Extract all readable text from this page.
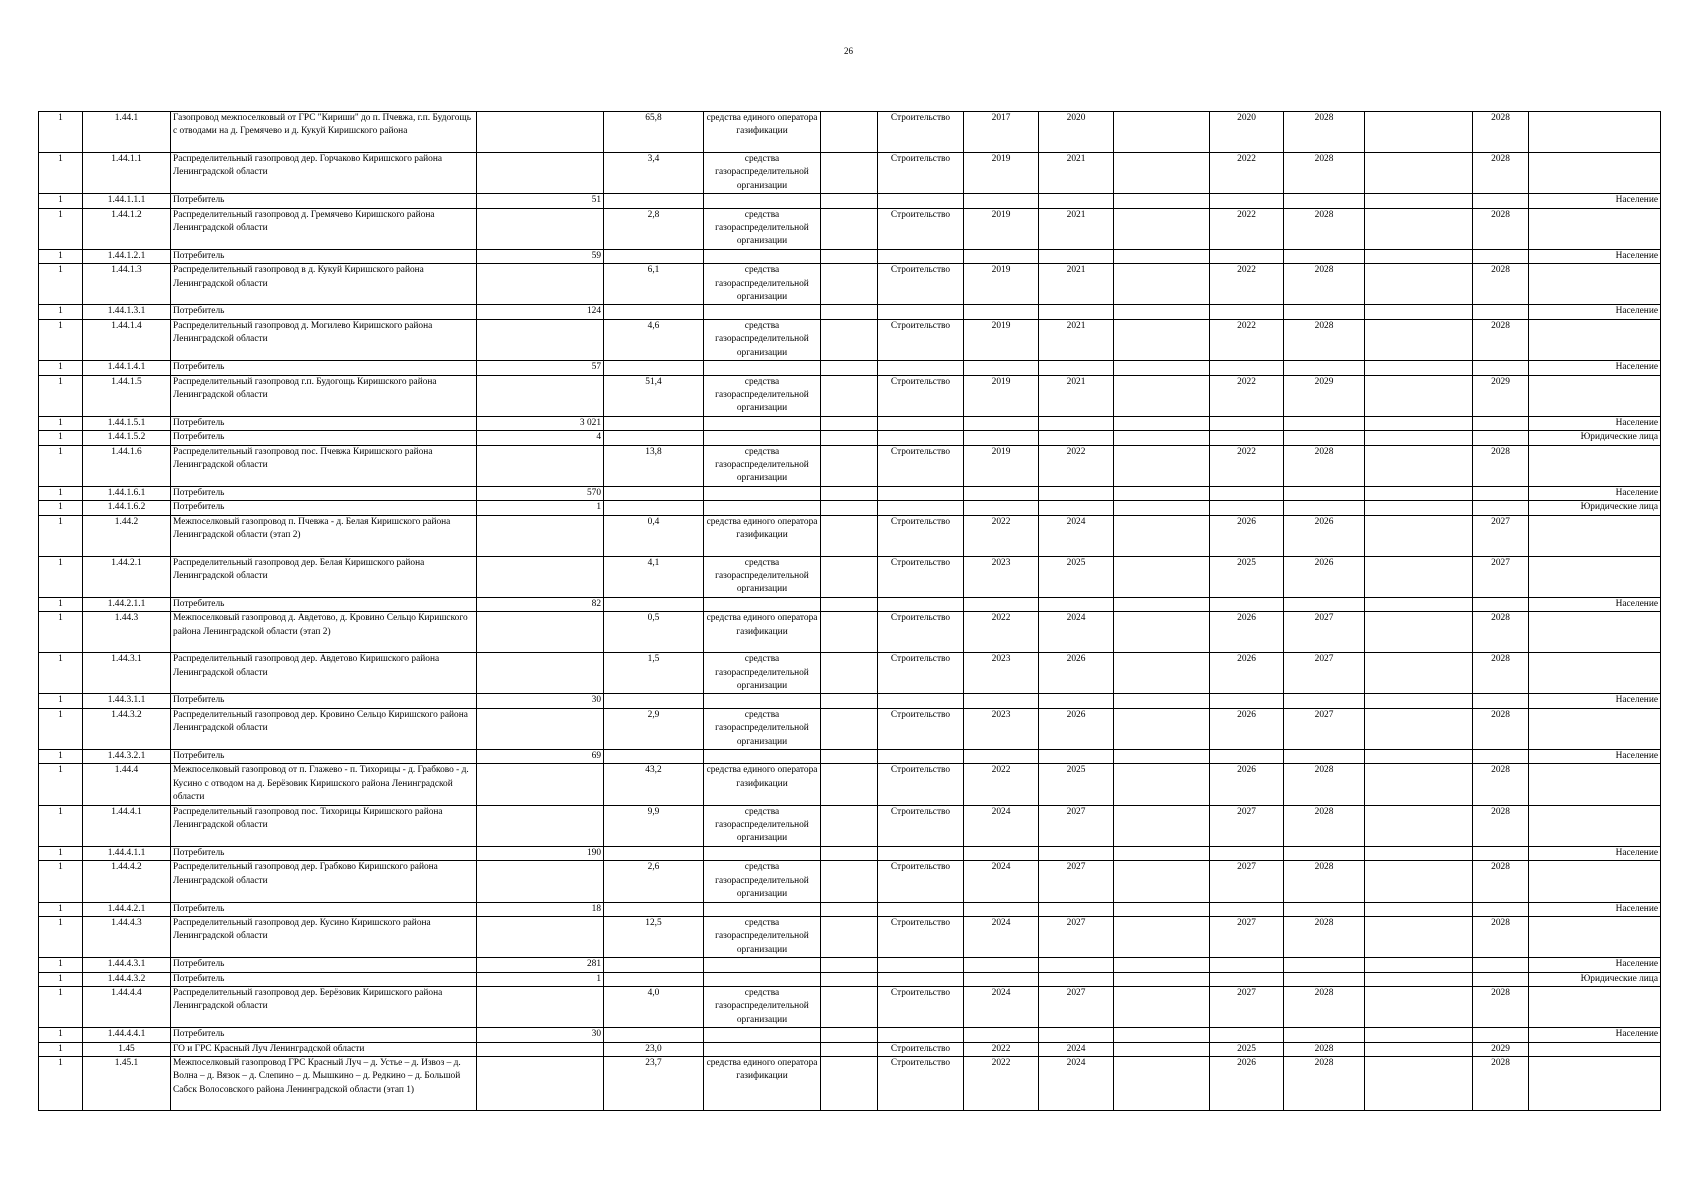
26
1	1.44.1	Газопровод межпоселковый от ГРС "Кириши" до п. Пчевжа, г.п. Будогощь с отводами на д. Гремячево и д. Кукуй Киришского района		65,8	средства единого оператора газификации		Строительство	2017	2020		2020	2028		2028	
1	1.44.1.1	Распределительный газопровод дер. Горчаково Киришского района Ленинградской области		3,4	средства газораспределительной организации		Строительство	2019	2021		2022	2028		2028	
1	1.44.1.1.1	Потребитель	51												Население
1	1.44.1.2	Распределительный газопровод д. Гремячево Киришского района Ленинградской области		2,8	средства газораспределительной организации		Строительство	2019	2021		2022	2028		2028	
1	1.44.1.2.1	Потребитель	59												Население
1	1.44.1.3	Распределительный газопровод в д. Кукуй Киришского района Ленинградской области		6,1	средства газораспределительной организации		Строительство	2019	2021		2022	2028		2028	
1	1.44.1.3.1	Потребитель	124												Население
1	1.44.1.4	Распределительный газопровод д. Могилево Киришского района Ленинградской области		4,6	средства газораспределительной организации		Строительство	2019	2021		2022	2028		2028	
1	1.44.1.4.1	Потребитель	57												Население
1	1.44.1.5	Распределительный газопровод г.п. Будогощь Киришского района Ленинградской области		51,4	средства газораспределительной организации		Строительство	2019	2021		2022	2029		2029	
1	1.44.1.5.1	Потребитель	3 021												Население
1	1.44.1.5.2	Потребитель	4												Юридические лица
1	1.44.1.6	Распределительный газопровод пос. Пчевжа Киришского района Ленинградской области		13,8	средства газораспределительной организации		Строительство	2019	2022		2022	2028		2028	
1	1.44.1.6.1	Потребитель	570												Население
1	1.44.1.6.2	Потребитель	1												Юридические лица
1	1.44.2	Межпоселковый газопровод п. Пчевжа - д. Белая Киришского района Ленинградской области (этап 2)		0,4	средства единого оператора газификации		Строительство	2022	2024		2026	2026		2027	
1	1.44.2.1	Распределительный газопровод дер. Белая Киришского района Ленинградской области		4,1	средства газораспределительной организации		Строительство	2023	2025		2025	2026		2027	
1	1.44.2.1.1	Потребитель	82												Население
1	1.44.3	Межпоселковый газопровод д. Авдетово, д. Кровино Сельцо Киришского района Ленинградской области (этап 2)		0,5	средства единого оператора газификации		Строительство	2022	2024		2026	2027		2028	
1	1.44.3.1	Распределительный газопровод дер. Авдетово Киришского района Ленинградской области		1,5	средства газораспределительной организации		Строительство	2023	2026		2026	2027		2028	
1	1.44.3.1.1	Потребитель	30												Население
1	1.44.3.2	Распределительный газопровод дер. Кровино Сельцо Киришского района Ленинградской области		2,9	средства газораспределительной организации		Строительство	2023	2026		2026	2027		2028	
1	1.44.3.2.1	Потребитель	69												Население
1	1.44.4	Межпоселковый газопровод от п. Глажево - п. Тихорицы - д. Грабково - д. Кусино с отводом на д. Берёзовик Киришского района Ленинградской области		43,2	средства единого оператора газификации		Строительство	2022	2025		2026	2028		2028	
1	1.44.4.1	Распределительный газопровод пос. Тихорицы Киришского района Ленинградской области		9,9	средства газораспределительной организации		Строительство	2024	2027		2027	2028		2028	
1	1.44.4.1.1	Потребитель	190												Население
1	1.44.4.2	Распределительный газопровод дер. Грабково Киришского района Ленинградской области		2,6	средства газораспределительной организации		Строительство	2024	2027		2027	2028		2028	
1	1.44.4.2.1	Потребитель	18												Население
1	1.44.4.3	Распределительный газопровод дер. Кусино Киришского района Ленинградской области		12,5	средства газораспределительной организации		Строительство	2024	2027		2027	2028		2028	
1	1.44.4.3.1	Потребитель	281												Население
1	1.44.4.3.2	Потребитель	1												Юридические лица
1	1.44.4.4	Распределительный газопровод дер. Берёзовик Киришского района Ленинградской области		4,0	средства газораспределительной организации		Строительство	2024	2027		2027	2028		2028	
1	1.44.4.4.1	Потребитель	30												Население
1	1.45	ГО и ГРС Красный Луч Ленинградской области		23,0			Строительство	2022	2024		2025	2028		2029	
1	1.45.1	Межпоселковый газопровод ГРС Красный Луч – д. Устье – д. Извоз – д. Волна – д. Вязок – д. Слепино – д. Мышкино – д. Редкино – д. Большой Сабск Волосовского района Ленинградской области (этап 1)		23,7	средства единого оператора газификации		Строительство	2022	2024		2026	2028		2028	
